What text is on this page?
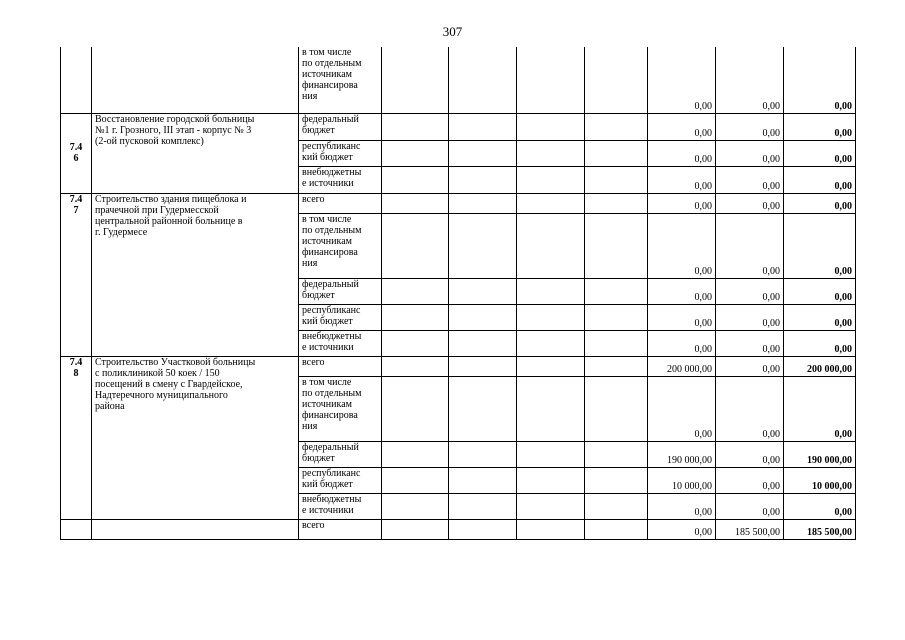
307
		в том числе
по отдельным
источникам
финансирова
ния					0,00	0,00	0,00
7.4
6	Восстановление городской больницы
№1 г. Грозного, III этап - корпус № 3
(2-ой пусковой комплекс)	федеральный
бюджет					0,00	0,00	0,00
		республиканс
кий бюджет					0,00	0,00	0,00
		внебюджетны
е источники					0,00	0,00	0,00
7.4
7	Строительство здания пищеблока и
прачечной при Гудермесской
центральной районной больнице в
г. Гудермесе	всего					0,00	0,00	0,00
		в том числе
по отдельным
источникам
финансирова
ния					0,00	0,00	0,00
		федеральный
бюджет					0,00	0,00	0,00
		республиканс
кий бюджет					0,00	0,00	0,00
		внебюджетны
е источники					0,00	0,00	0,00
7.4
8	Строительство Участковой больницы
с поликлиникой 50 коек / 150
посещений в смену с Гвардейское,
Надтеречного муниципального
района	всего					200 000,00	0,00	200 000,00
		в том числе
по отдельным
источникам
финансирова
ния					0,00	0,00	0,00
		федеральный
бюджет					190 000,00	0,00	190 000,00
		республиканс
кий бюджет					10 000,00	0,00	10 000,00
		внебюджетны
е источники					0,00	0,00	0,00
		всего					0,00	185 500,00	185 500,00
